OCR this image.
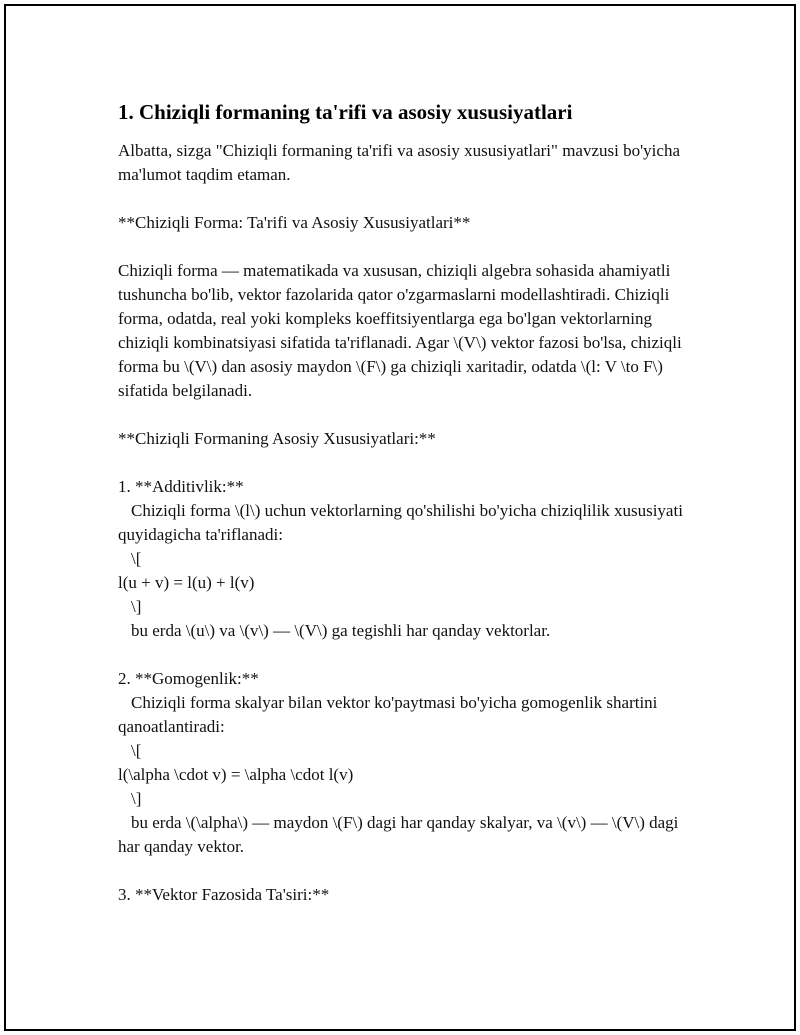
1. Chiziqli formaning ta'rifi va asosiy xususiyatlari

Albatta, sizga "Chiziqli formaning ta'rifi va asosiy xususiyatlari" mavzusi bo'yicha ma'lumot taqdim etaman.

**Chiziqli Forma: Ta'rifi va Asosiy Xususiyatlari**

Chiziqli forma — matematikada va xususan, chiziqli algebra sohasida ahamiyatli tushuncha bo'lib, vektor fazolarida qator o'zgarmaslarni modellashtiradi. Chiziqli forma, odatda, real yoki kompleks koeffitsiyentlarga ega bo'lgan vektorlarning chiziqli kombinatsiyasi sifatida ta'riflanadi. Agar \(V\) vektor fazosi bo'lsa, chiziqli forma bu \(V\) dan asosiy maydon \(F\) ga chiziqli xaritadir, odatda \(l: V \to F\) sifatida belgilanadi.

**Chiziqli Formaning Asosiy Xususiyatlari:**

1. **Additivlik:**
Chiziqli forma \(l\) uchun vektorlarning qo'shilishi bo'yicha chiziqlilik xususiyati quyidagicha ta'riflanadi:
\[
l(u + v) = l(u) + l(v)
\]
bu erda \(u\) va \(v\) — \(V\) ga tegishli har qanday vektorlar.
2. **Gomogenlik:**
Chiziqli forma skalyar bilan vektor ko'paytmasi bo'yicha gomogenlik shartini qanoatlantiradi:
\[
l(\alpha \cdot v) = \alpha \cdot l(v)
\]
bu erda \(\alpha\) — maydon \(F\) dagi har qanday skalyar, va \(v\) — \(V\) dagi har qanday vektor.
3. **Vektor Fazosida Ta'siri:**
